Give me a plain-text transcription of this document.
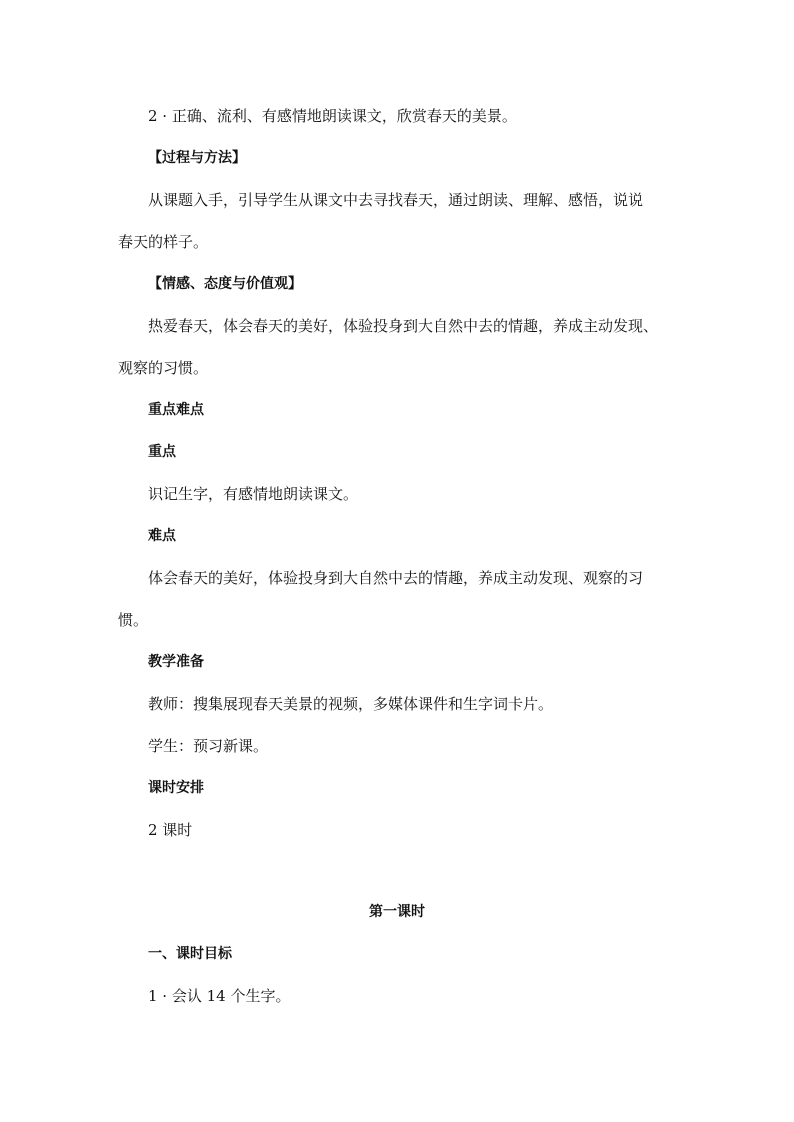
2 · 正确、流利、有感情地朗读课文，欣赏春天的美景。
【过程与方法】
从课题入手，引导学生从课文中去寻找春天，通过朗读、理解、感悟，说说
春天的样子。
【情感、态度与价值观】
热爱春天，体会春天的美好，体验投身到大自然中去的情趣，养成主动发现、
观察的习惯。
重点难点
重点
识记生字，有感情地朗读课文。
难点
体会春天的美好，体验投身到大自然中去的情趣，养成主动发现、观察的习
惯。
教学准备
教师：搜集展现春天美景的视频，多媒体课件和生字词卡片。
学生：预习新课。
课时安排
2 课时
第一课时
一、课时目标
1 · 会认 14 个生字。
